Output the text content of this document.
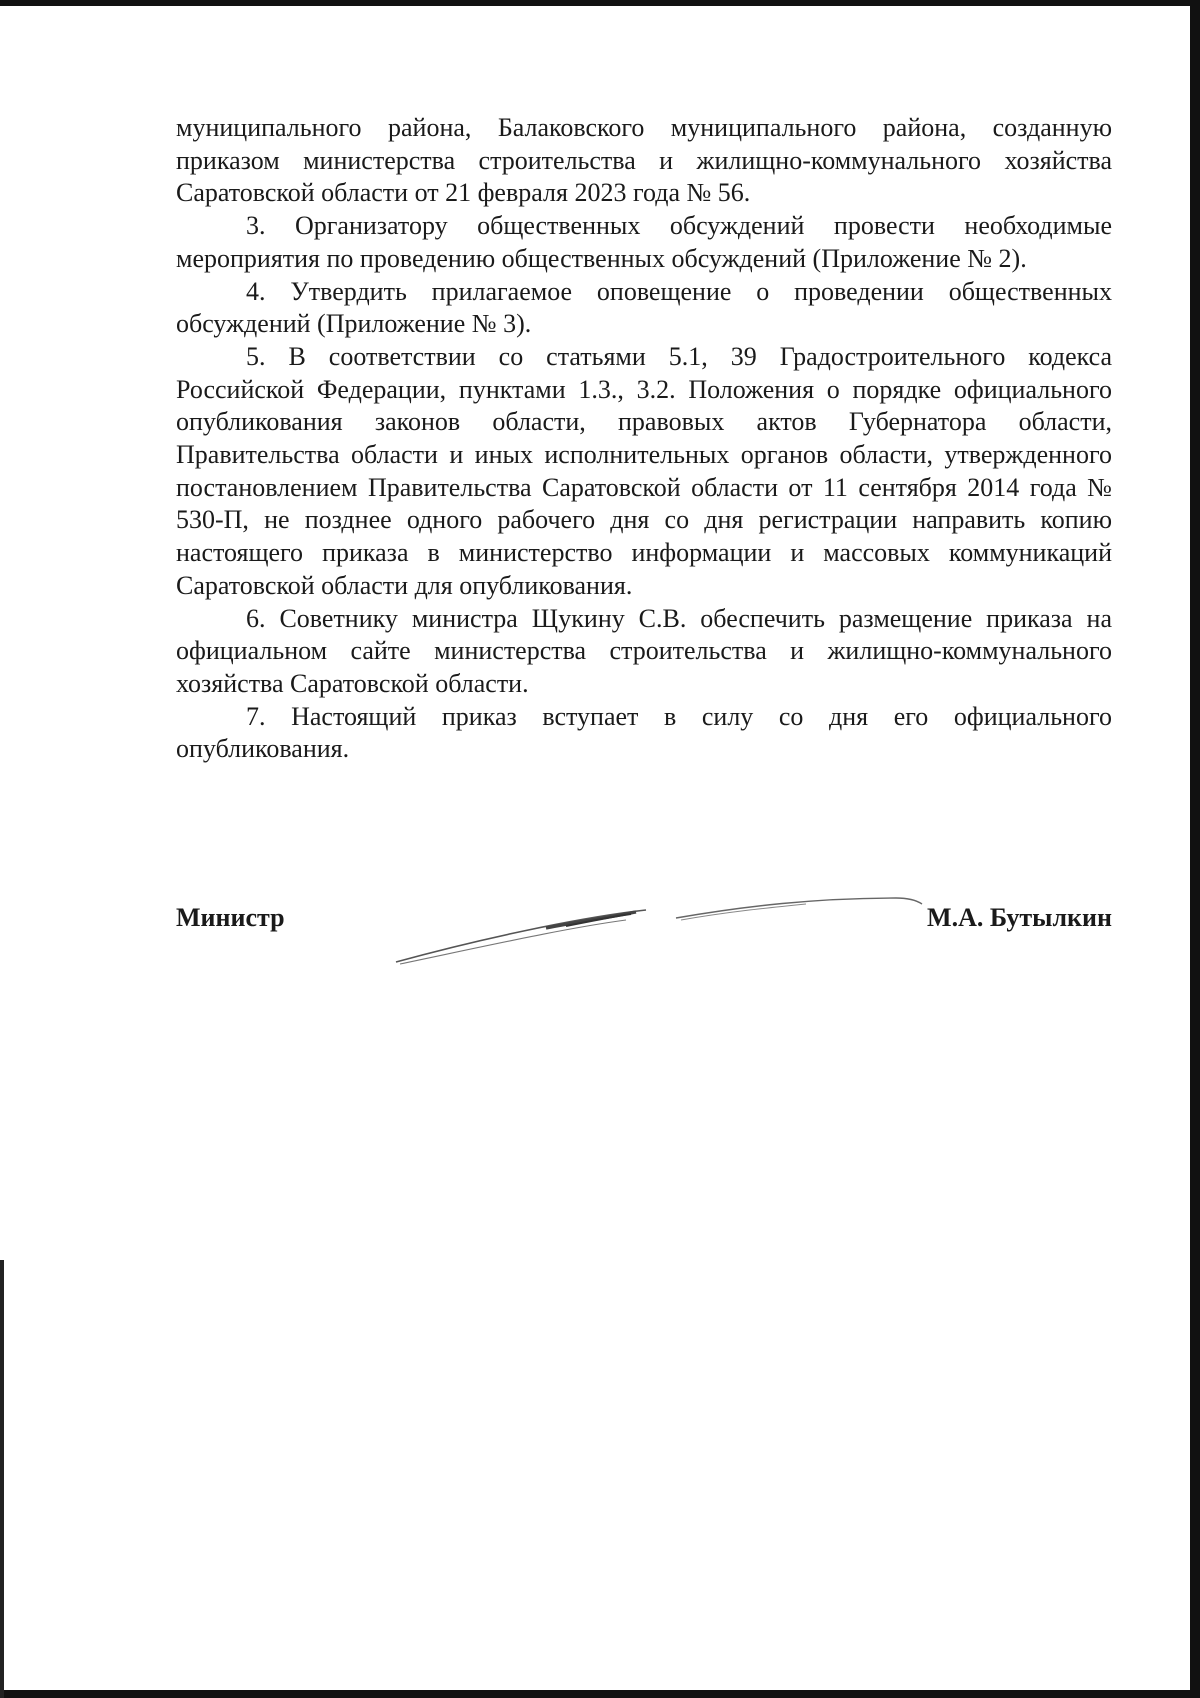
муниципального района, Балаковского муниципального района, созданную приказом министерства строительства и жилищно-коммунального хозяйства Саратовской области от 21 февраля 2023 года № 56.

3. Организатору общественных обсуждений провести необходимые мероприятия по проведению общественных обсуждений (Приложение № 2).

4. Утвердить прилагаемое оповещение о проведении общественных обсуждений (Приложение № 3).

5. В соответствии со статьями 5.1, 39 Градостроительного кодекса Российской Федерации, пунктами 1.3., 3.2. Положения о порядке официального опубликования законов области, правовых актов Губернатора области, Правительства области и иных исполнительных органов области, утвержденного постановлением Правительства Саратовской области от 11 сентября 2014 года № 530-П, не позднее одного рабочего дня со дня регистрации направить копию настоящего приказа в министерство информации и массовых коммуникаций Саратовской области для опубликования.

6. Советнику министра Щукину С.В. обеспечить размещение приказа на официальном сайте министерства строительства и жилищно-коммунального хозяйства Саратовской области.

7. Настоящий приказ вступает в силу со дня его официального опубликования.

Министр	М.А. Бутылкин
